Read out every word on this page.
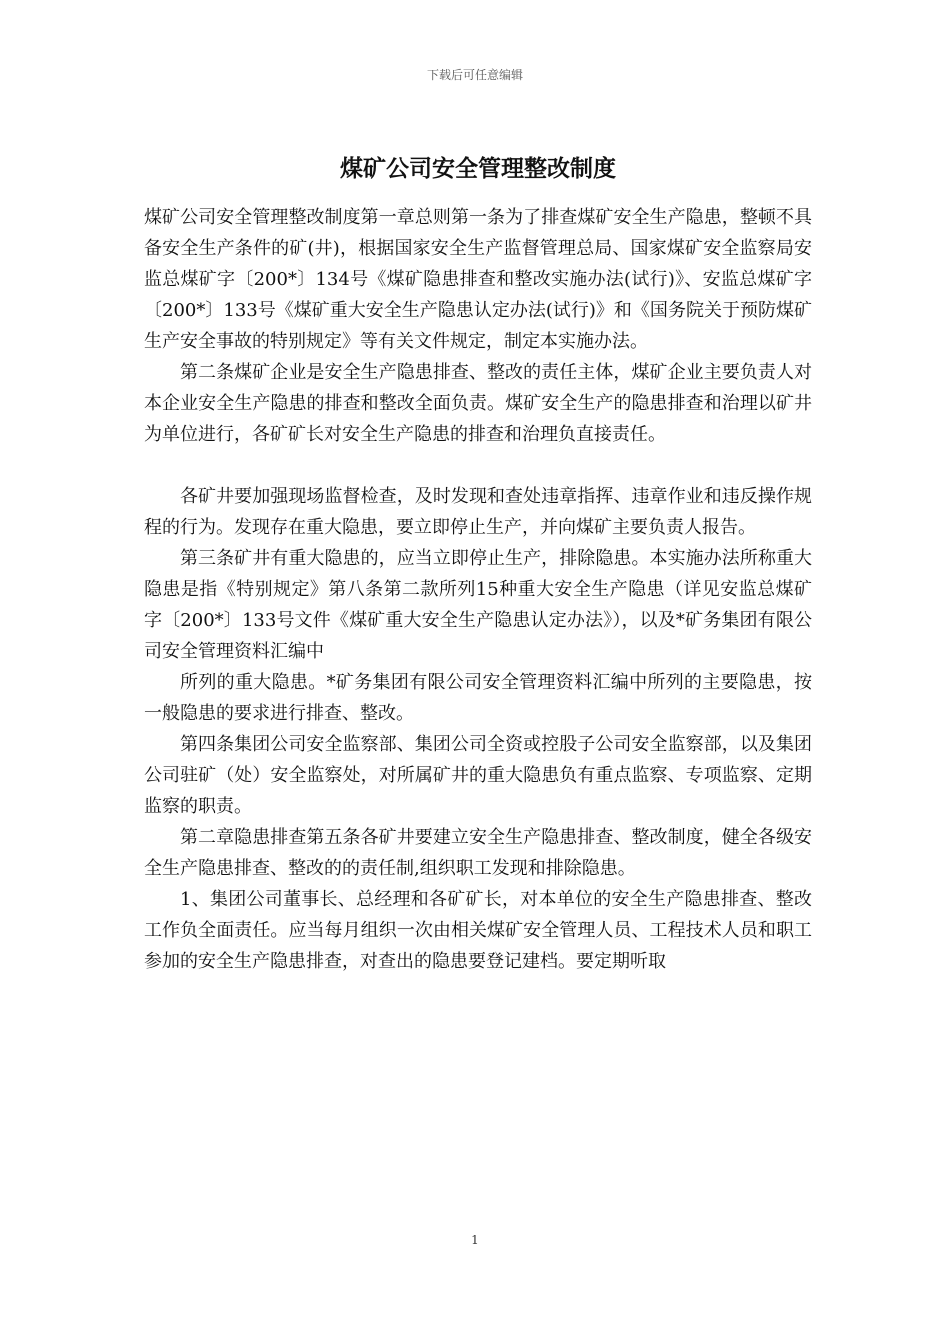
下载后可任意编辑
煤矿公司安全管理整改制度

煤矿公司安全管理整改制度第一章总则第一条为了排查煤矿安全生产隐患，整顿不具备安全生产条件的矿(井)，根据国家安全生产监督管理总局、国家煤矿安全监察局安监总煤矿字〔200*〕134号《煤矿隐患排查和整改实施办法(试行)》、安监总煤矿字〔200*〕133号《煤矿重大安全生产隐患认定办法(试行)》和《国务院关于预防煤矿生产安全事故的特别规定》等有关文件规定，制定本实施办法。

第二条煤矿企业是安全生产隐患排查、整改的责任主体，煤矿企业主要负责人对本企业安全生产隐患的排查和整改全面负责。煤矿安全生产的隐患排查和治理以矿井为单位进行，各矿矿长对安全生产隐患的排查和治理负直接责任。

各矿井要加强现场监督检查，及时发现和查处违章指挥、违章作业和违反操作规程的行为。发现存在重大隐患，要立即停止生产，并向煤矿主要负责人报告。

第三条矿井有重大隐患的，应当立即停止生产，排除隐患。本实施办法所称重大隐患是指《特别规定》第八条第二款所列15种重大安全生产隐患（详见安监总煤矿字〔200*〕133号文件《煤矿重大安全生产隐患认定办法》），以及*矿务集团有限公司安全管理资料汇编中

所列的重大隐患。*矿务集团有限公司安全管理资料汇编中所列的主要隐患，按一般隐患的要求进行排查、整改。

第四条集团公司安全监察部、集团公司全资或控股子公司安全监察部，以及集团公司驻矿（处）安全监察处，对所属矿井的重大隐患负有重点监察、专项监察、定期监察的职责。

第二章隐患排查第五条各矿井要建立安全生产隐患排查、整改制度，健全各级安全生产隐患排查、整改的的责任制,组织职工发现和排除隐患。

1、集团公司董事长、总经理和各矿矿长，对本单位的安全生产隐患排查、整改工作负全面责任。应当每月组织一次由相关煤矿安全管理人员、工程技术人员和职工参加的安全生产隐患排查，对查出的隐患要登记建档。要定期听取

1
